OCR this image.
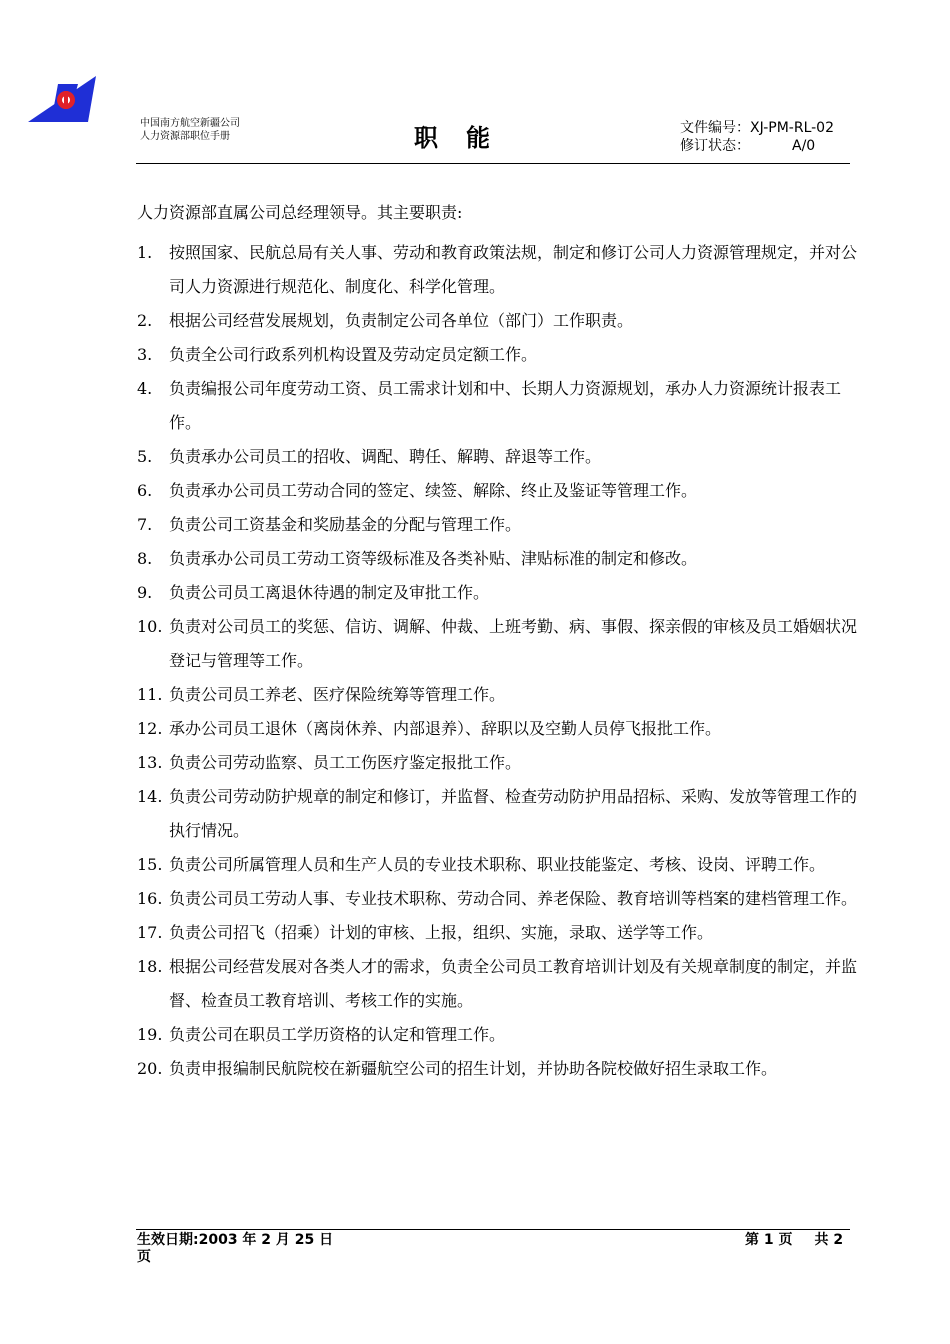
中国南方航空新疆公司
人力资源部职位手册	职能	文件编号：XJ-PM-RL-02
修订状态：	A/0
人力资源部直属公司总经理领导。其主要职责:
1. 按照国家、民航总局有关人事、劳动和教育政策法规，制定和修订公司人力资源管理规定，并对公司人力资源进行规范化、制度化、科学化管理。
2. 根据公司经营发展规划，负责制定公司各单位（部门）工作职责。
3. 负责全公司行政系列机构设置及劳动定员定额工作。
4. 负责编报公司年度劳动工资、员工需求计划和中、长期人力资源规划，承办人力资源统计报表工作。
5. 负责承办公司员工的招收、调配、聘任、解聘、辞退等工作。
6. 负责承办公司员工劳动合同的签定、续签、解除、终止及鉴证等管理工作。
7. 负责公司工资基金和奖励基金的分配与管理工作。
8. 负责承办公司员工劳动工资等级标准及各类补贴、津贴标准的制定和修改。
9. 负责公司员工离退休待遇的制定及审批工作。
10. 负责对公司员工的奖惩、信访、调解、仲裁、上班考勤、病、事假、探亲假的审核及员工婚姻状况登记与管理等工作。
11. 负责公司员工养老、医疗保险统筹等管理工作。
12. 承办公司员工退休（离岗休养、内部退养）、辞职以及空勤人员停飞报批工作。
13. 负责公司劳动监察、员工工伤医疗鉴定报批工作。
14. 负责公司劳动防护规章的制定和修订，并监督、检查劳动防护用品招标、采购、发放等管理工作的执行情况。
15. 负责公司所属管理人员和生产人员的专业技术职称、职业技能鉴定、考核、设岗、评聘工作。
16. 负责公司员工劳动人事、专业技术职称、劳动合同、养老保险、教育培训等档案的建档管理工作。
17. 负责公司招飞（招乘）计划的审核、上报，组织、实施，录取、送学等工作。
18. 根据公司经营发展对各类人才的需求，负责全公司员工教育培训计划及有关规章制度的制定，并监督、检查员工教育培训、考核工作的实施。
19. 负责公司在职员工学历资格的认定和管理工作。
20. 负责申报编制民航院校在新疆航空公司的招生计划，并协助各院校做好招生录取工作。
生效日期:2003 年 2 月 25 日	第 1 页 共 2
页
